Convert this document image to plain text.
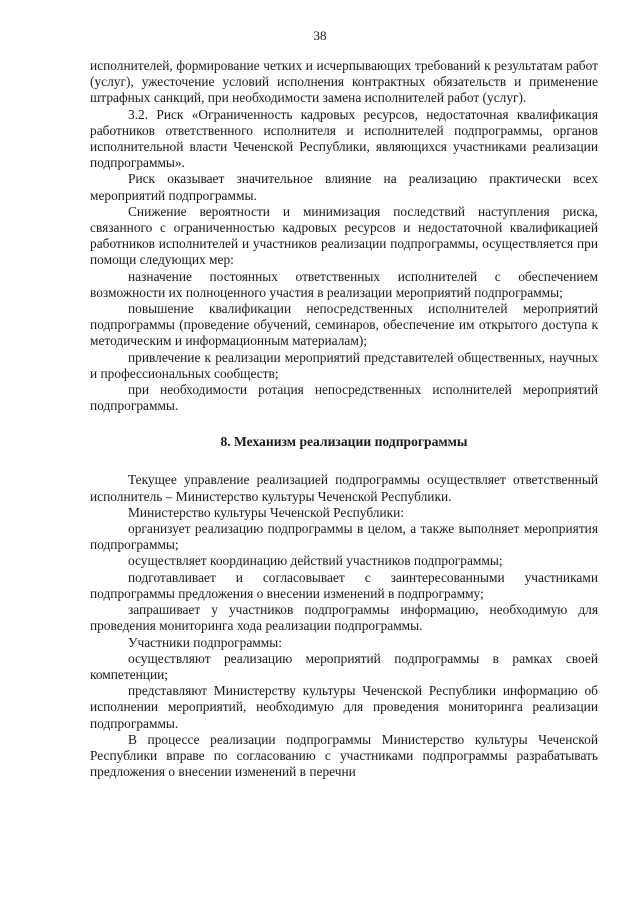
38

исполнителей, формирование четких и исчерпывающих требований к результатам работ (услуг), ужесточение условий исполнения контрактных обязательств и применение штрафных санкций, при необходимости замена исполнителей работ (услуг).

3.2. Риск «Ограниченность кадровых ресурсов, недостаточная квалификация работников ответственного исполнителя и исполнителей подпрограммы, органов исполнительной власти Чеченской Республики, являющихся участниками реализации подпрограммы».

Риск оказывает значительное влияние на реализацию практически всех мероприятий подпрограммы.

Снижение вероятности и минимизация последствий наступления риска, связанного с ограниченностью кадровых ресурсов и недостаточной квалификацией работников исполнителей и участников реализации подпрограммы, осуществляется при помощи следующих мер:

назначение постоянных ответственных исполнителей с обеспечением возможности их полноценного участия в реализации мероприятий подпрограммы;

повышение квалификации непосредственных исполнителей мероприятий подпрограммы (проведение обучений, семинаров, обеспечение им открытого доступа к методическим и информационным материалам);

привлечение к реализации мероприятий представителей общественных, научных и профессиональных сообществ;

при необходимости ротация непосредственных исполнителей мероприятий подпрограммы.

8. Механизм реализации подпрограммы

Текущее управление реализацией подпрограммы осуществляет ответственный исполнитель – Министерство культуры Чеченской Республики.

Министерство культуры Чеченской Республики:

организует реализацию подпрограммы в целом, а также выполняет мероприятия подпрограммы;

осуществляет координацию действий участников подпрограммы;

подготавливает и согласовывает с заинтересованными участниками подпрограммы предложения о внесении изменений в подпрограмму;

запрашивает у участников подпрограммы информацию, необходимую для проведения мониторинга хода реализации подпрограммы.

Участники подпрограммы:

осуществляют реализацию мероприятий подпрограммы в рамках своей компетенции;

представляют Министерству культуры Чеченской Республики информацию об исполнении мероприятий, необходимую для проведения мониторинга реализации подпрограммы.

В процессе реализации подпрограммы Министерство культуры Чеченской Республики вправе по согласованию с участниками подпрограммы разрабатывать предложения о внесении изменений в перечни
